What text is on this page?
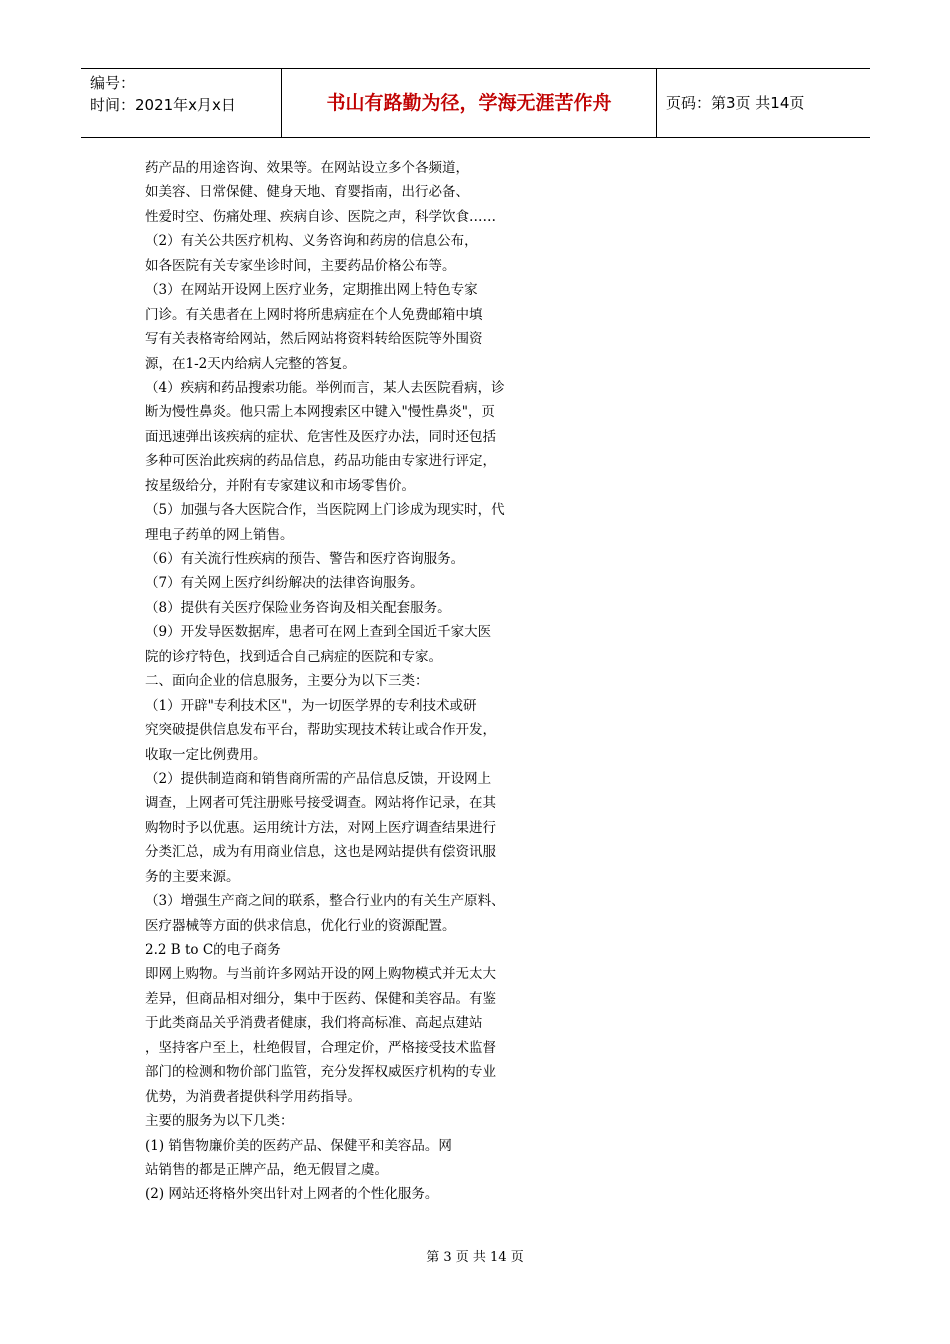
编号：
时间：2021年x月x日	书山有路勤为径，学海无涯苦作舟	页码：第3页 共14页
药产品的用途咨询、效果等。在网站设立多个各频道，
如美容、日常保健、健身天地、育婴指南，出行必备、
性爱时空、伤痛处理、疾病自诊、医院之声，科学饮食……
（2）有关公共医疗机构、义务咨询和药房的信息公布，
如各医院有关专家坐诊时间，主要药品价格公布等。
（3）在网站开设网上医疗业务，定期推出网上特色专家
门诊。有关患者在上网时将所患病症在个人免费邮箱中填
写有关表格寄给网站，然后网站将资料转给医院等外围资
源，在1-2天内给病人完整的答复。
（4）疾病和药品搜索功能。举例而言，某人去医院看病，诊
断为慢性鼻炎。他只需上本网搜索区中键入"慢性鼻炎"，页
面迅速弹出该疾病的症状、危害性及医疗办法，同时还包括
多种可医治此疾病的药品信息，药品功能由专家进行评定，
按星级给分，并附有专家建议和市场零售价。
（5）加强与各大医院合作，当医院网上门诊成为现实时，代
理电子药单的网上销售。
（6）有关流行性疾病的预告、警告和医疗咨询服务。
（7）有关网上医疗纠纷解决的法律咨询服务。
（8）提供有关医疗保险业务咨询及相关配套服务。
（9）开发导医数据库，患者可在网上查到全国近千家大医
院的诊疗特色，找到适合自己病症的医院和专家。
二、面向企业的信息服务，主要分为以下三类：
（1）开辟"专利技术区"，为一切医学界的专利技术或研
究突破提供信息发布平台，帮助实现技术转让或合作开发，
收取一定比例费用。
（2）提供制造商和销售商所需的产品信息反馈，开设网上
调查，上网者可凭注册账号接受调查。网站将作记录，在其
购物时予以优惠。运用统计方法，对网上医疗调查结果进行
分类汇总，成为有用商业信息，这也是网站提供有偿资讯服
务的主要来源。
（3）增强生产商之间的联系，整合行业内的有关生产原料、
医疗器械等方面的供求信息，优化行业的资源配置。
2.2 B to C的电子商务
即网上购物。与当前许多网站开设的网上购物模式并无太大
差异，但商品相对细分，集中于医药、保健和美容品。有鉴
于此类商品关乎消费者健康，我们将高标准、高起点建站
，坚持客户至上，杜绝假冒，合理定价，严格接受技术监督
部门的检测和物价部门监管，充分发挥权威医疗机构的专业
优势，为消费者提供科学用药指导。
主要的服务为以下几类：
(1) 销售物廉价美的医药产品、保健平和美容品。网
站销售的都是正牌产品，绝无假冒之虞。
(2) 网站还将格外突出针对上网者的个性化服务。
第 3 页 共 14 页
